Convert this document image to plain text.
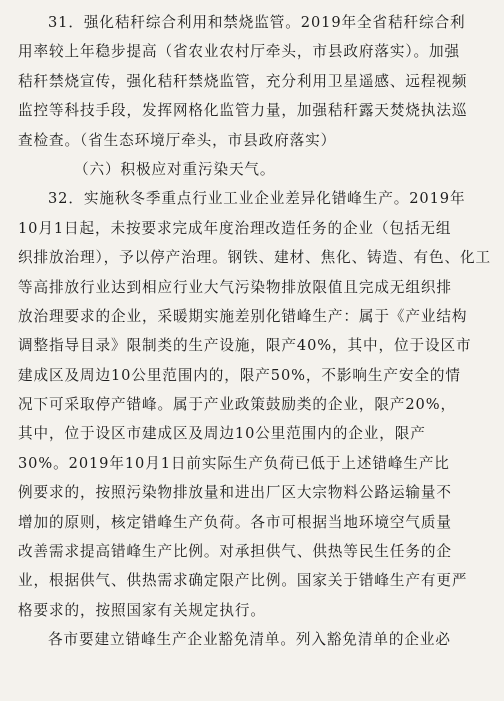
31．强化秸秆综合利用和禁烧监管。2019年全省秸秆综合利
用率较上年稳步提高（省农业农村厅牵头，市县政府落实）。加强
秸秆禁烧宣传，强化秸秆禁烧监管，充分利用卫星遥感、远程视频
监控等科技手段，发挥网格化监管力量，加强秸秆露天焚烧执法巡
查检查。（省生态环境厅牵头，市县政府落实）
（六）积极应对重污染天气。
32．实施秋冬季重点行业工业企业差异化错峰生产。2019年
10月1日起，未按要求完成年度治理改造任务的企业（包括无组
织排放治理），予以停产治理。钢铁、建材、焦化、铸造、有色、化工
等高排放行业达到相应行业大气污染物排放限值且完成无组织排
放治理要求的企业，采暖期实施差别化错峰生产：属于《产业结构
调整指导目录》限制类的生产设施，限产40%，其中，位于设区市
建成区及周边10公里范围内的，限产50%，不影响生产安全的情
况下可采取停产错峰。属于产业政策鼓励类的企业，限产20%，
其中，位于设区市建成区及周边10公里范围内的企业，限产
30%。2019年10月1日前实际生产负荷已低于上述错峰生产比
例要求的，按照污染物排放量和进出厂区大宗物料公路运输量不
增加的原则，核定错峰生产负荷。各市可根据当地环境空气质量
改善需求提高错峰生产比例。对承担供气、供热等民生任务的企
业，根据供气、供热需求确定限产比例。国家关于错峰生产有更严
格要求的，按照国家有关规定执行。
各市要建立错峰生产企业豁免清单。列入豁免清单的企业必
